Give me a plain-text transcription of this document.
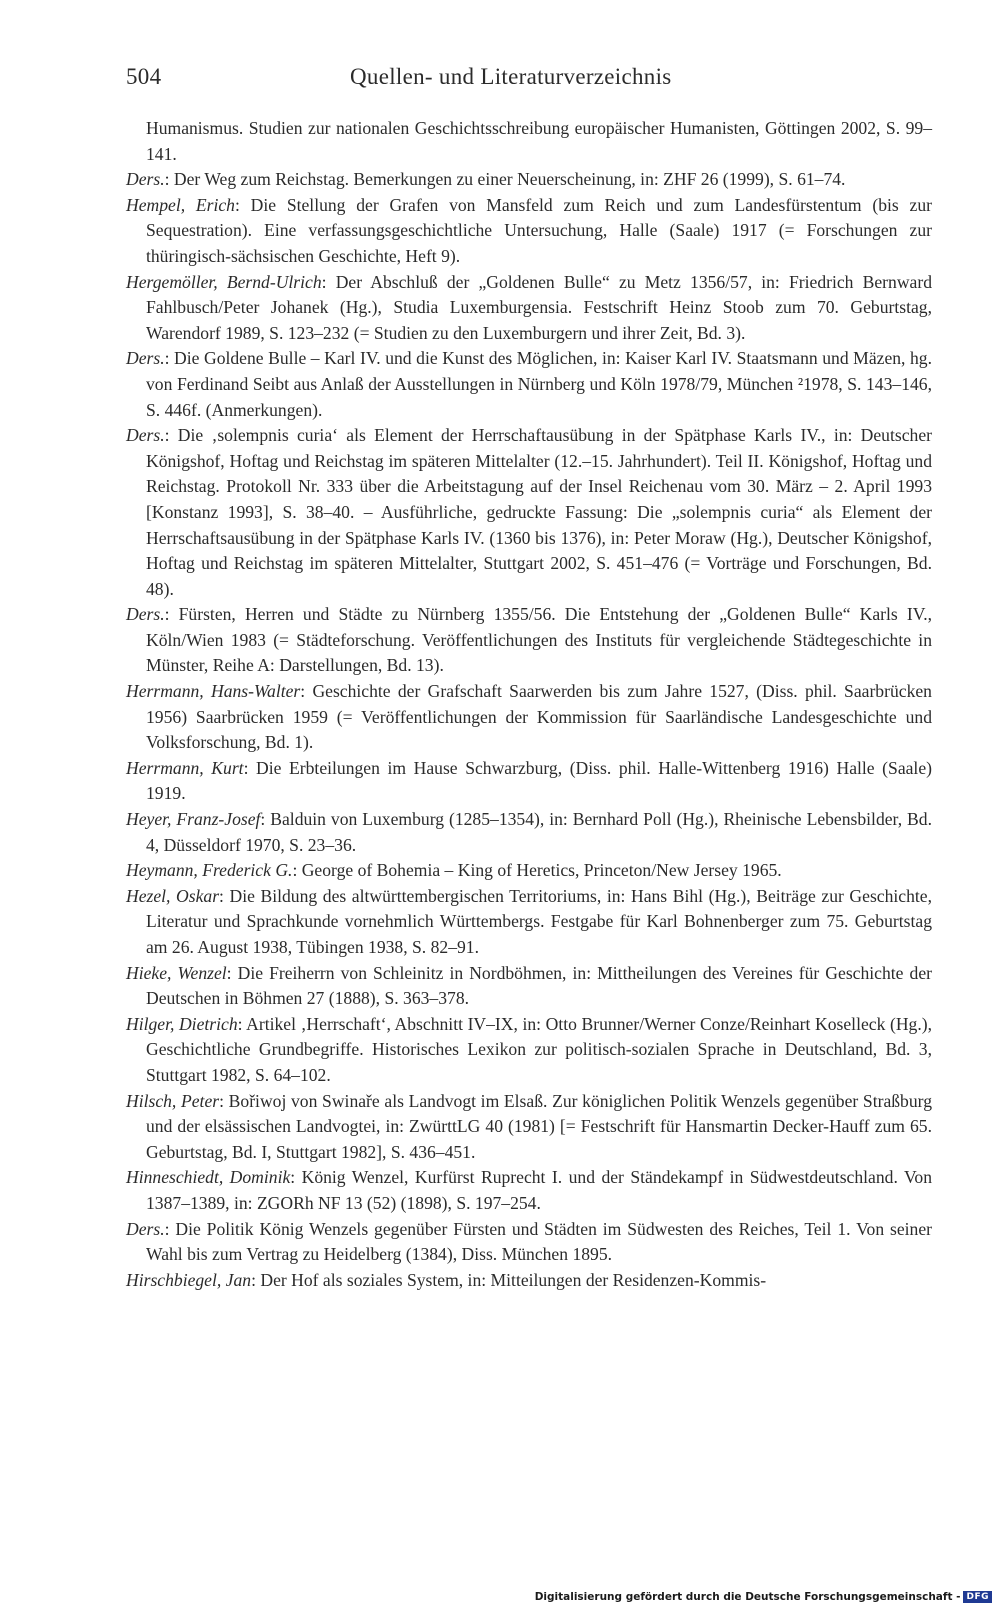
504	Quellen- und Literaturverzeichnis

Humanismus. Studien zur nationalen Geschichtsschreibung europäischer Humanisten, Göttingen 2002, S. 99–141.

Ders.: Der Weg zum Reichstag. Bemerkungen zu einer Neuerscheinung, in: ZHF 26 (1999), S. 61–74.

Hempel, Erich: Die Stellung der Grafen von Mansfeld zum Reich und zum Landesfürstentum (bis zur Sequestration). Eine verfassungsgeschichtliche Untersuchung, Halle (Saale) 1917 (= Forschungen zur thüringisch-sächsischen Geschichte, Heft 9).

Hergemöller, Bernd-Ulrich: Der Abschluß der „Goldenen Bulle“ zu Metz 1356/57, in: Friedrich Bernward Fahlbusch/Peter Johanek (Hg.), Studia Luxemburgensia. Festschrift Heinz Stoob zum 70. Geburtstag, Warendorf 1989, S. 123–232 (= Studien zu den Luxemburgern und ihrer Zeit, Bd. 3).

Ders.: Die Goldene Bulle – Karl IV. und die Kunst des Möglichen, in: Kaiser Karl IV. Staatsmann und Mäzen, hg. von Ferdinand Seibt aus Anlaß der Ausstellungen in Nürnberg und Köln 1978/79, München ²1978, S. 143–146, S. 446f. (Anmerkungen).

Ders.: Die ‚solempnis curia‘ als Element der Herrschaftausübung in der Spätphase Karls IV., in: Deutscher Königshof, Hoftag und Reichstag im späteren Mittelalter (12.–15. Jahrhundert). Teil II. Königshof, Hoftag und Reichstag. Protokoll Nr. 333 über die Arbeitstagung auf der Insel Reichenau vom 30. März – 2. April 1993 [Konstanz 1993], S. 38–40. – Ausführliche, gedruckte Fassung: Die „solempnis curia“ als Element der Herrschaftsausübung in der Spätphase Karls IV. (1360 bis 1376), in: Peter Moraw (Hg.), Deutscher Königshof, Hoftag und Reichstag im späteren Mittelalter, Stuttgart 2002, S. 451–476 (= Vorträge und Forschungen, Bd. 48).

Ders.: Fürsten, Herren und Städte zu Nürnberg 1355/56. Die Entstehung der „Goldenen Bulle“ Karls IV., Köln/Wien 1983 (= Städteforschung. Veröffentlichungen des Instituts für vergleichende Städtegeschichte in Münster, Reihe A: Darstellungen, Bd. 13).

Herrmann, Hans-Walter: Geschichte der Grafschaft Saarwerden bis zum Jahre 1527, (Diss. phil. Saarbrücken 1956) Saarbrücken 1959 (= Veröffentlichungen der Kommission für Saarländische Landesgeschichte und Volksforschung, Bd. 1).

Herrmann, Kurt: Die Erbteilungen im Hause Schwarzburg, (Diss. phil. Halle-Wittenberg 1916) Halle (Saale) 1919.

Heyer, Franz-Josef: Balduin von Luxemburg (1285–1354), in: Bernhard Poll (Hg.), Rheinische Lebensbilder, Bd. 4, Düsseldorf 1970, S. 23–36.

Heymann, Frederick G.: George of Bohemia – King of Heretics, Princeton/New Jersey 1965.

Hezel, Oskar: Die Bildung des altwürttembergischen Territoriums, in: Hans Bihl (Hg.), Beiträge zur Geschichte, Literatur und Sprachkunde vornehmlich Württembergs. Festgabe für Karl Bohnenberger zum 75. Geburtstag am 26. August 1938, Tübingen 1938, S. 82–91.

Hieke, Wenzel: Die Freiherrn von Schleinitz in Nordböhmen, in: Mittheilungen des Vereines für Geschichte der Deutschen in Böhmen 27 (1888), S. 363–378.

Hilger, Dietrich: Artikel ‚Herrschaft‘, Abschnitt IV–IX, in: Otto Brunner/Werner Conze/Reinhart Koselleck (Hg.), Geschichtliche Grundbegriffe. Historisches Lexikon zur politisch-sozialen Sprache in Deutschland, Bd. 3, Stuttgart 1982, S. 64–102.

Hilsch, Peter: Bořiwoj von Swinaře als Landvogt im Elsaß. Zur königlichen Politik Wenzels gegenüber Straßburg und der elsässischen Landvogtei, in: ZwürttLG 40 (1981) [= Festschrift für Hansmartin Decker-Hauff zum 65. Geburtstag, Bd. I, Stuttgart 1982], S. 436–451.

Hinneschiedt, Dominik: König Wenzel, Kurfürst Ruprecht I. und der Ständekampf in Südwestdeutschland. Von 1387–1389, in: ZGORh NF 13 (52) (1898), S. 197–254.

Ders.: Die Politik König Wenzels gegenüber Fürsten und Städten im Südwesten des Reiches, Teil 1. Von seiner Wahl bis zum Vertrag zu Heidelberg (1384), Diss. München 1895.

Hirschbiegel, Jan: Der Hof als soziales System, in: Mitteilungen der Residenzen-Kommis-

Digitalisierung gefördert durch die Deutsche Forschungsgemeinschaft - DFG
